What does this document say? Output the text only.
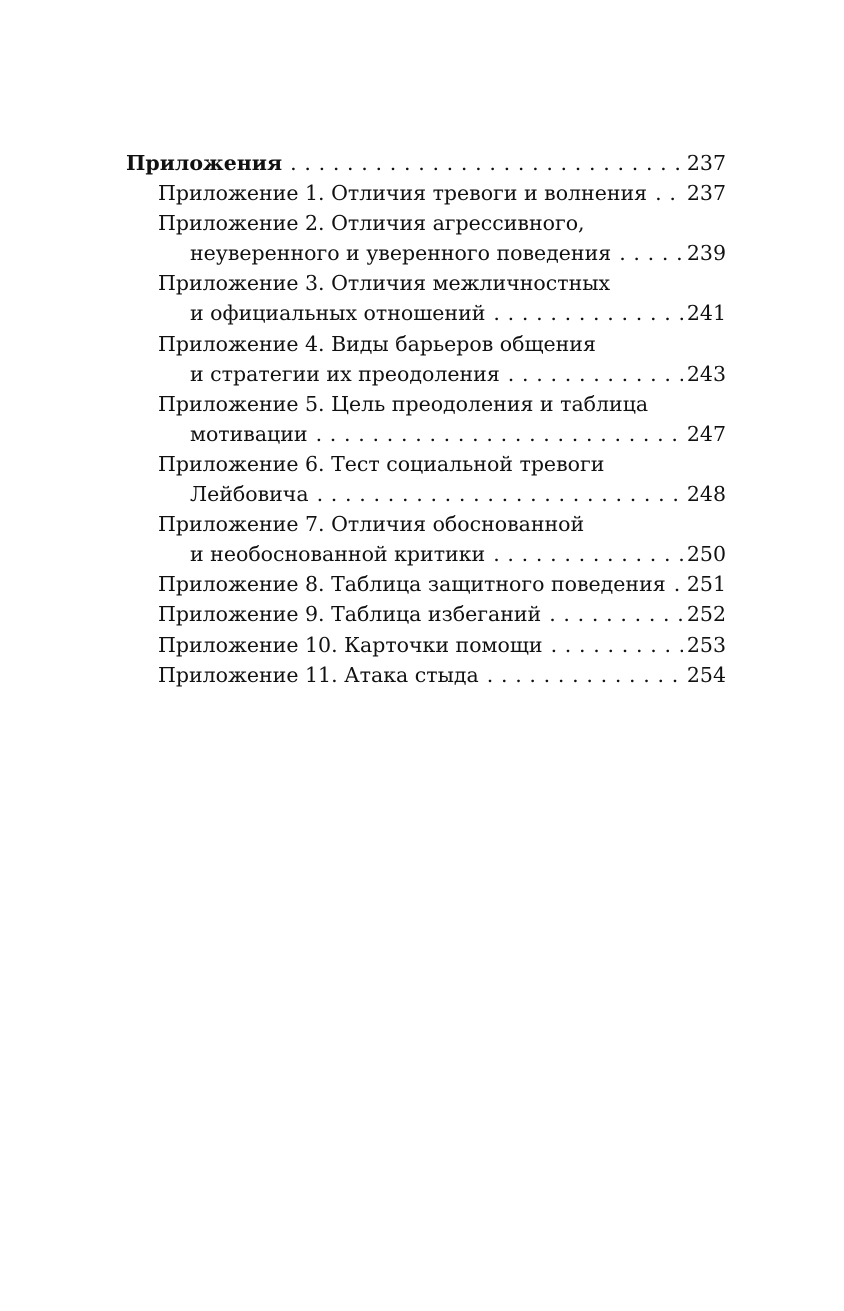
Приложения . . .	237
Приложение 1. Отличия тревоги и волнения . . . 237
Приложение 2. Отличия агрессивного,
неуверенного и уверенного поведения . . .	239
Приложение 3. Отличия межличностных
и официальных отношений . . .	241
Приложение 4. Виды барьеров общения
и стратегии их преодоления . . .	243
Приложение 5. Цель преодоления и таблица
мотивации . . .	247
Приложение 6. Тест социальной тревоги
Лейбовича . . .	248
Приложение 7. Отличия обоснованной
и необоснованной критики . . .	250
Приложение 8. Таблица защитного поведения . . . 251
Приложение 9. Таблица избеганий . . .	252
Приложение 10. Карточки помощи . . .	253
Приложение 11. Атака стыда . . .	254
